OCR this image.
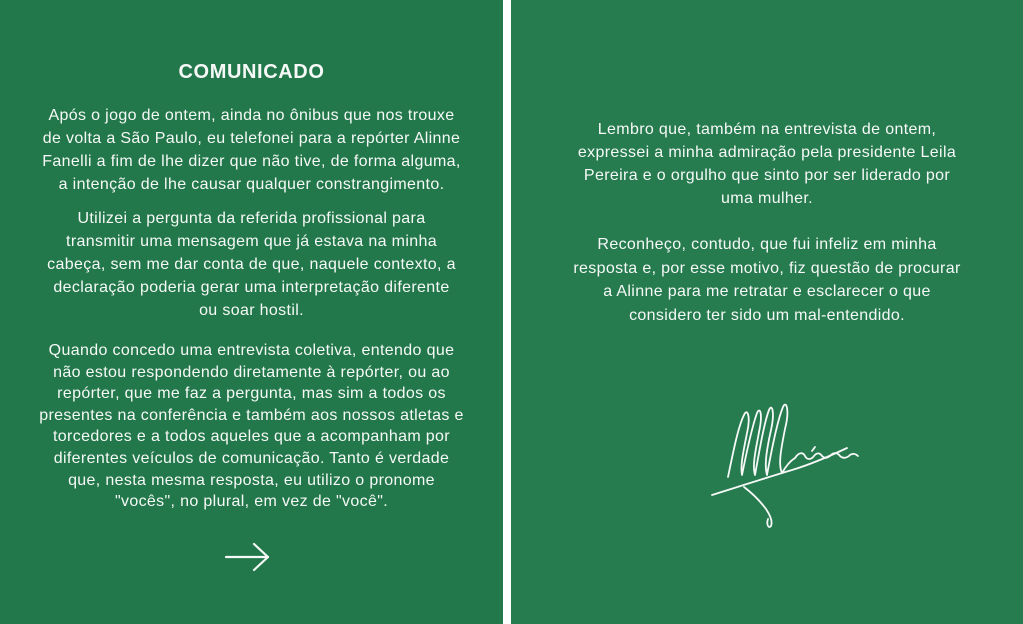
COMUNICADO
Após o jogo de ontem, ainda no ônibus que nos trouxe
de volta a São Paulo, eu telefonei para a repórter Alinne
Fanelli a fim de lhe dizer que não tive, de forma alguma,
a intenção de lhe causar qualquer constrangimento.
Utilizei a pergunta da referida profissional para
transmitir uma mensagem que já estava na minha
cabeça, sem me dar conta de que, naquele contexto, a
declaração poderia gerar uma interpretação diferente
ou soar hostil.
Quando concedo uma entrevista coletiva, entendo que
não estou respondendo diretamente à repórter, ou ao
repórter, que me faz a pergunta, mas sim a todos os
presentes na conferência e também aos nossos atletas e
torcedores e a todos aqueles que a acompanham por
diferentes veículos de comunicação. Tanto é verdade
que, nesta mesma resposta, eu utilizo o pronome
"vocês", no plural, em vez de "você".
Lembro que, também na entrevista de ontem,
expressei a minha admiração pela presidente Leila
Pereira e o orgulho que sinto por ser liderado por
uma mulher.
Reconheço, contudo, que fui infeliz em minha
resposta e, por esse motivo, fiz questão de procurar
a Alinne para me retratar e esclarecer o que
considero ter sido um mal-entendido.
